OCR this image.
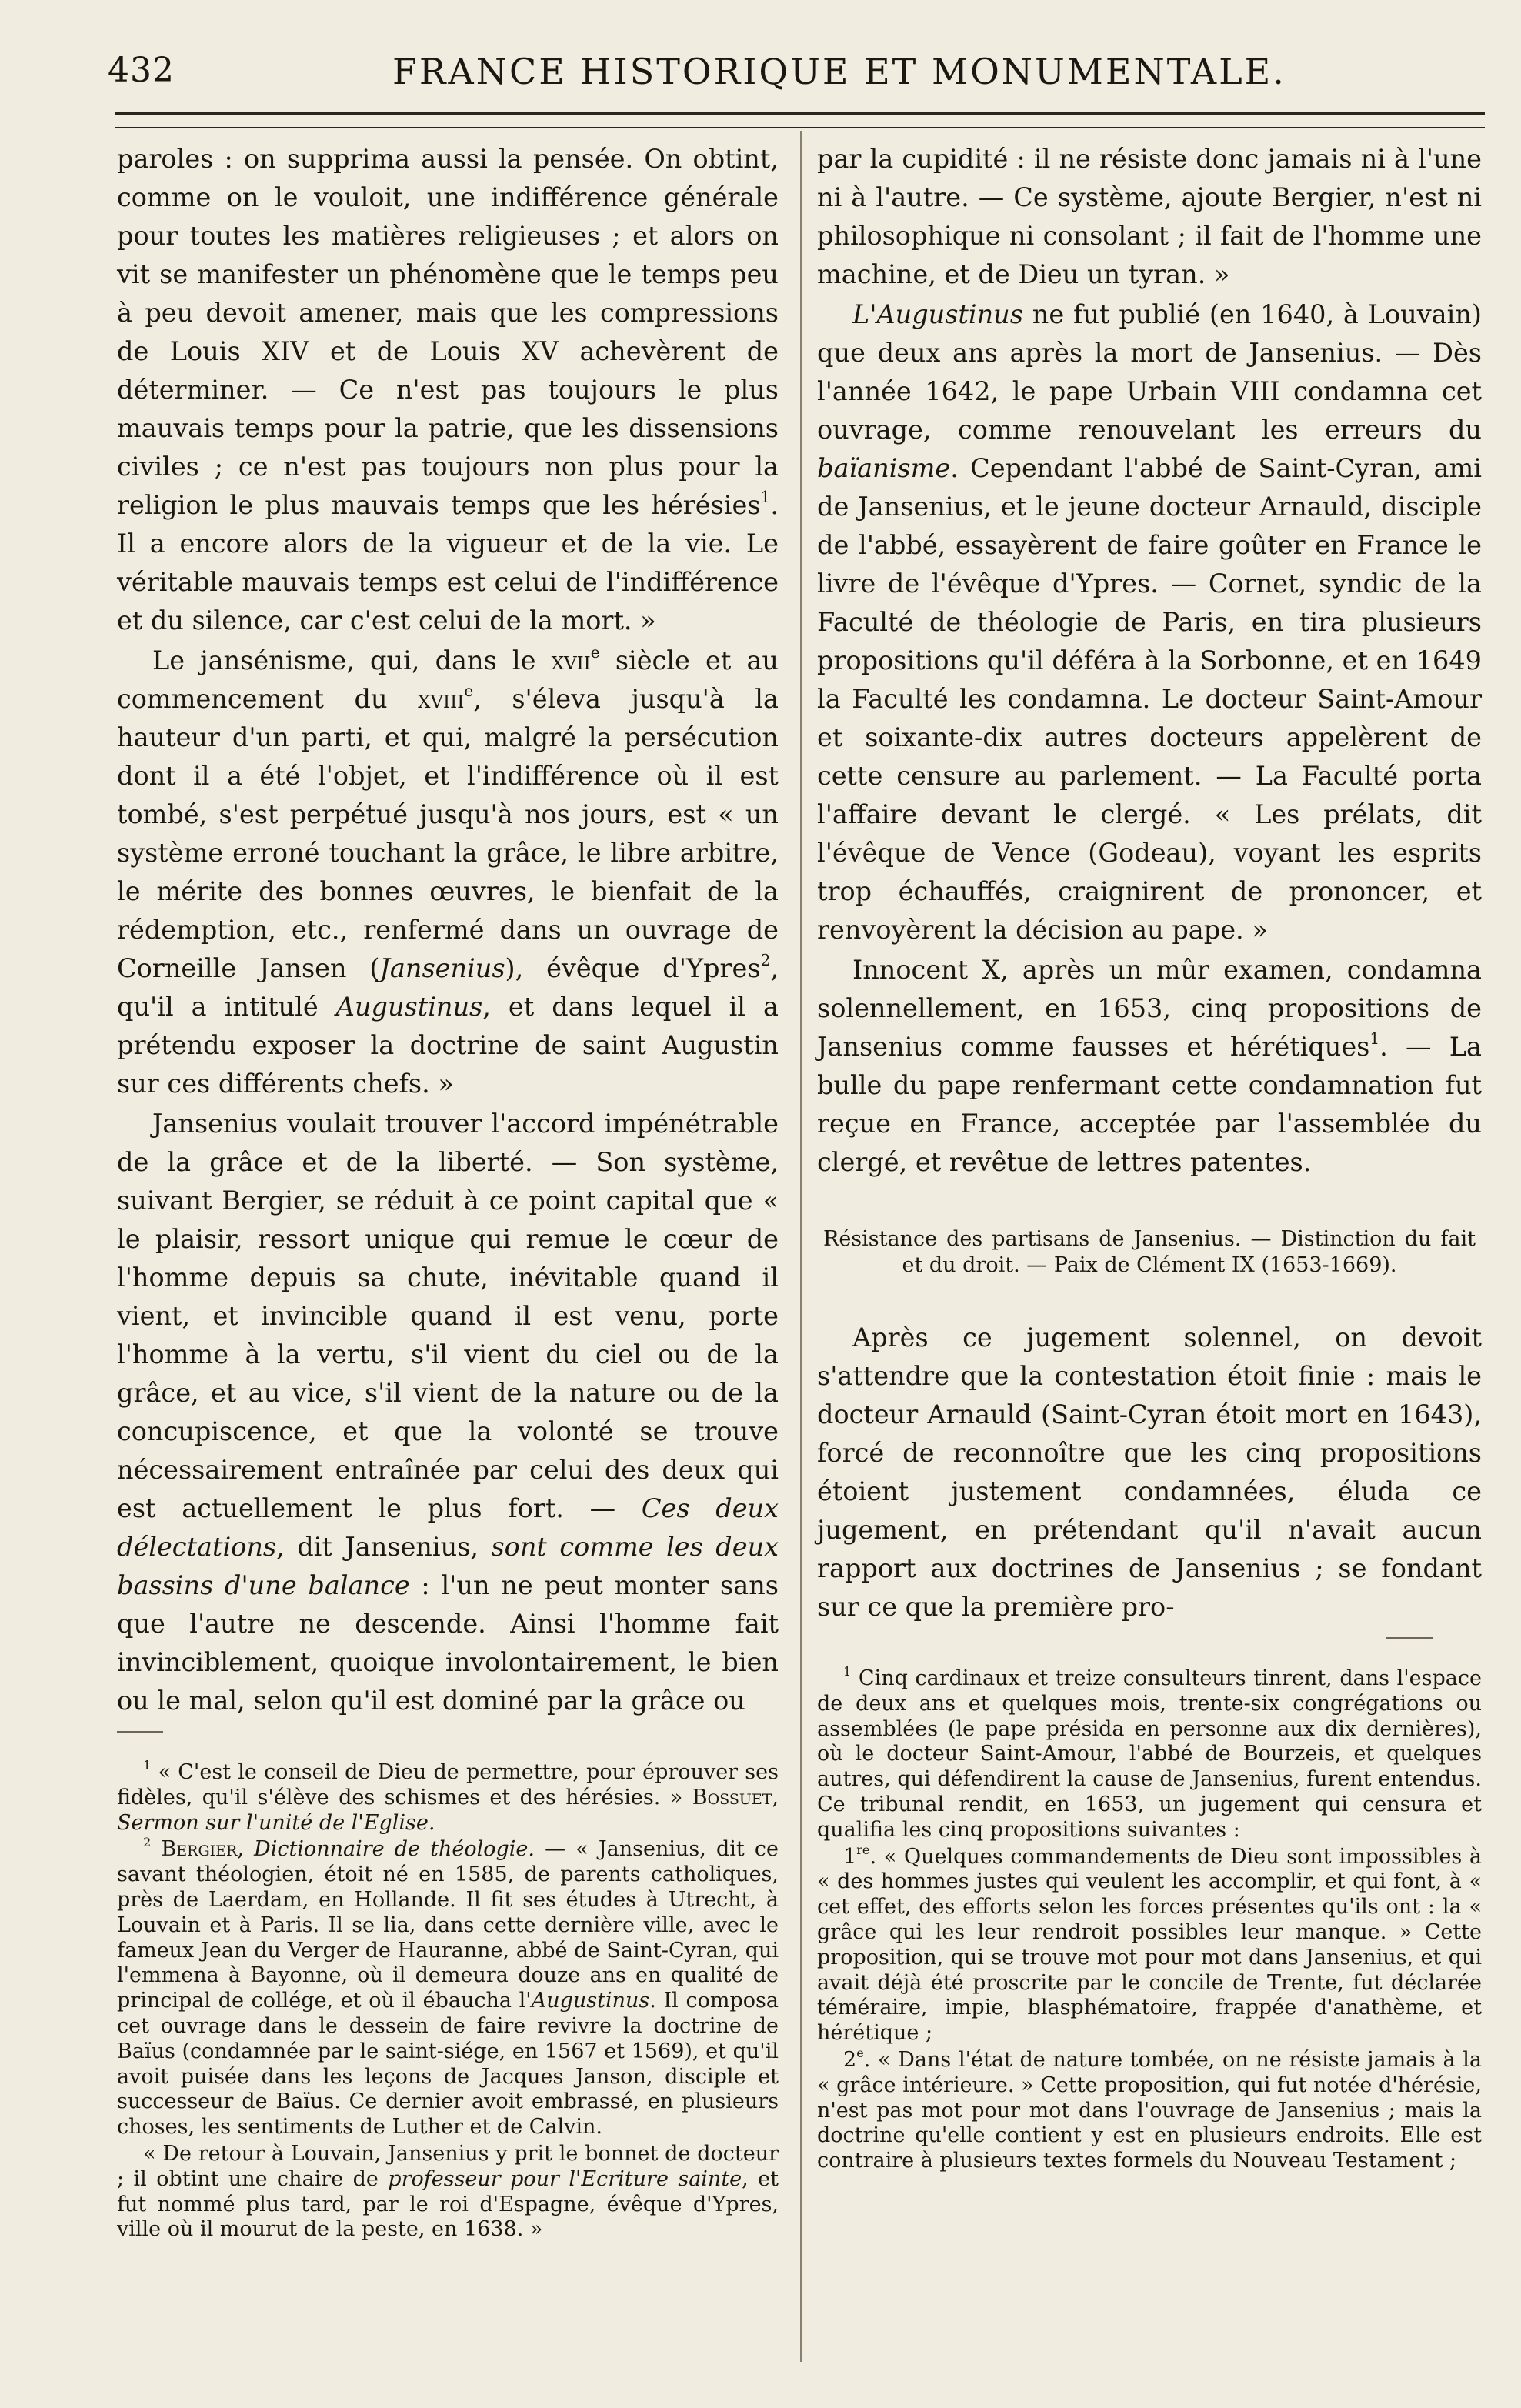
432	FRANCE HISTORIQUE ET MONUMENTALE.

paroles : on supprima aussi la pensée. On obtint, comme on le vouloit, une indifférence générale pour toutes les matières religieuses ; et alors on vit se manifester un phénomène que le temps peu à peu devoit amener, mais que les compressions de Louis XIV et de Louis XV achevèrent de déterminer. — Ce n'est pas toujours le plus mauvais temps pour la patrie, que les dissensions civiles ; ce n'est pas toujours non plus pour la religion le plus mauvais temps que les hérésies$^1$. Il a encore alors de la vigueur et de la vie. Le véritable mauvais temps est celui de l'indifférence et du silence, car c'est celui de la mort. »

Le jansénisme, qui, dans le xvii$^e$ siècle et au commencement du xviii$^e$, s'éleva jusqu'à la hauteur d'un parti, et qui, malgré la persécution dont il a été l'objet, et l'indifférence où il est tombé, s'est perpétué jusqu'à nos jours, est « un système erroné touchant la grâce, le libre arbitre, le mérite des bonnes œuvres, le bienfait de la rédemption, etc., renfermé dans un ouvrage de Corneille Jansen (Jansenius), évêque d'Ypres$^2$, qu'il a intitulé Augustinus, et dans lequel il a prétendu exposer la doctrine de saint Augustin sur ces différents chefs. »

Jansenius voulait trouver l'accord impénétrable de la grâce et de la liberté. — Son système, suivant Bergier, se réduit à ce point capital que « le plaisir, ressort unique qui remue le cœur de l'homme depuis sa chute, inévitable quand il vient, et invincible quand il est venu, porte l'homme à la vertu, s'il vient du ciel ou de la grâce, et au vice, s'il vient de la nature ou de la concupiscence, et que la volonté se trouve nécessairement entraînée par celui des deux qui est actuellement le plus fort. — Ces deux délectations, dit Jansenius, sont comme les deux bassins d'une balance : l'un ne peut monter sans que l'autre ne descende. Ainsi l'homme fait invinciblement, quoique involontairement, le bien ou le mal, selon qu'il est dominé par la grâce ou

$^1$ « C'est le conseil de Dieu de permettre, pour éprouver ses fidèles, qu'il s'élève des schismes et des hérésies. » Bossuet, Sermon sur l'unité de l'Eglise.

$^2$ Bergier, Dictionnaire de théologie. — « Jansenius, dit ce savant théologien, étoit né en 1585, de parents catholiques, près de Laerdam, en Hollande. Il fit ses études à Utrecht, à Louvain et à Paris. Il se lia, dans cette dernière ville, avec le fameux Jean du Verger de Hauranne, abbé de Saint-Cyran, qui l'emmena à Bayonne, où il demeura douze ans en qualité de principal de collége, et où il ébaucha l'Augustinus. Il composa cet ouvrage dans le dessein de faire revivre la doctrine de Baïus (condamnée par le saint-siége, en 1567 et 1569), et qu'il avoit puisée dans les leçons de Jacques Janson, disciple et successeur de Baïus. Ce dernier avoit embrassé, en plusieurs choses, les sentiments de Luther et de Calvin.

« De retour à Louvain, Jansenius y prit le bonnet de docteur ; il obtint une chaire de professeur pour l'Ecriture sainte, et fut nommé plus tard, par le roi d'Espagne, évêque d'Ypres, ville où il mourut de la peste, en 1638. »

par la cupidité : il ne résiste donc jamais ni à l'une ni à l'autre. — Ce système, ajoute Bergier, n'est ni philosophique ni consolant ; il fait de l'homme une machine, et de Dieu un tyran. »

L'Augustinus ne fut publié (en 1640, à Louvain) que deux ans après la mort de Jansenius. — Dès l'année 1642, le pape Urbain VIII condamna cet ouvrage, comme renouvelant les erreurs du baïanisme. Cependant l'abbé de Saint-Cyran, ami de Jansenius, et le jeune docteur Arnauld, disciple de l'abbé, essayèrent de faire goûter en France le livre de l'évêque d'Ypres. — Cornet, syndic de la Faculté de théologie de Paris, en tira plusieurs propositions qu'il déféra à la Sorbonne, et en 1649 la Faculté les condamna. Le docteur Saint-Amour et soixante-dix autres docteurs appelèrent de cette censure au parlement. — La Faculté porta l'affaire devant le clergé. « Les prélats, dit l'évêque de Vence (Godeau), voyant les esprits trop échauffés, craignirent de prononcer, et renvoyèrent la décision au pape. »

Innocent X, après un mûr examen, condamna solennellement, en 1653, cinq propositions de Jansenius comme fausses et hérétiques$^1$. — La bulle du pape renfermant cette condamnation fut reçue en France, acceptée par l'assemblée du clergé, et revêtue de lettres patentes.

Résistance des partisans de Jansenius. — Distinction du fait
et du droit. — Paix de Clément IX (1653-1669).

Après ce jugement solennel, on devoit s'attendre que la contestation étoit finie : mais le docteur Arnauld (Saint-Cyran étoit mort en 1643), forcé de reconnoître que les cinq propositions étoient justement condamnées, éluda ce jugement, en prétendant qu'il n'avait aucun rapport aux doctrines de Jansenius ; se fondant sur ce que la première pro-

$^1$ Cinq cardinaux et treize consulteurs tinrent, dans l'espace de deux ans et quelques mois, trente-six congrégations ou assemblées (le pape présida en personne aux dix dernières), où le docteur Saint-Amour, l'abbé de Bourzeis, et quelques autres, qui défendirent la cause de Jansenius, furent entendus. Ce tribunal rendit, en 1653, un jugement qui censura et qualifia les cinq propositions suivantes :

1re. « Quelques commandements de Dieu sont impossibles à « des hommes justes qui veulent les accomplir, et qui font, à « cet effet, des efforts selon les forces présentes qu'ils ont : la « grâce qui les leur rendroit possibles leur manque. » Cette proposition, qui se trouve mot pour mot dans Jansenius, et qui avait déjà été proscrite par le concile de Trente, fut déclarée téméraire, impie, blasphématoire, frappée d'anathème, et hérétique ;

2e. « Dans l'état de nature tombée, on ne résiste jamais à la « grâce intérieure. » Cette proposition, qui fut notée d'hérésie, n'est pas mot pour mot dans l'ouvrage de Jansenius ; mais la doctrine qu'elle contient y est en plusieurs endroits. Elle est contraire à plusieurs textes formels du Nouveau Testament ;
